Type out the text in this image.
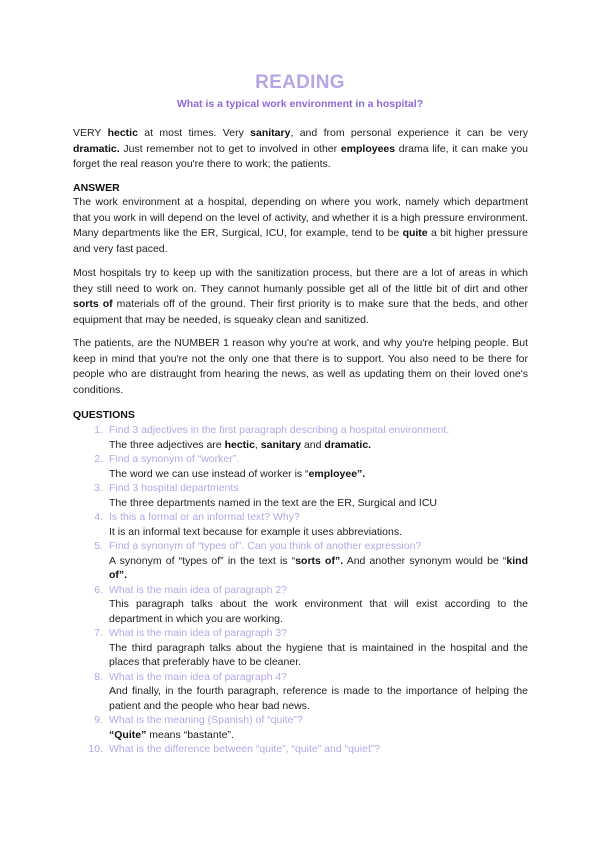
READING
What is a typical work environment in a hospital?
VERY hectic at most times. Very sanitary, and from personal experience it can be very dramatic. Just remember not to get to involved in other employees drama life, it can make you forget the real reason you're there to work; the patients.
ANSWER
The work environment at a hospital, depending on where you work, namely which department that you work in will depend on the level of activity, and whether it is a high pressure environment. Many departments like the ER, Surgical, ICU, for example, tend to be quite a bit higher pressure and very fast paced.
Most hospitals try to keep up with the sanitization process, but there are a lot of areas in which they still need to work on. They cannot humanly possible get all of the little bit of dirt and other sorts of materials off of the ground. Their first priority is to make sure that the beds, and other equipment that may be needed, is squeaky clean and sanitized.
The patients, are the NUMBER 1 reason why you're at work, and why you're helping people. But keep in mind that you're not the only one that there is to support. You also need to be there for people who are distraught from hearing the news, as well as updating them on their loved one's conditions.
QUESTIONS
1. Find 3 adjectives in the first paragraph describing a hospital environment.
The three adjectives are hectic, sanitary and dramatic.
2. Find a synonym of “worker”.
The word we can use instead of worker is “employee”.
3. Find 3 hospital departments
The three departments named in the text are the ER, Surgical and ICU
4. Is this a formal or an informal text? Why?
It is an informal text because for example it uses abbreviations.
5. Find a synonym of “types of”. Can you think of another expression?
A synonym of “types of” in the text is “sorts of”. And another synonym would be “kind of”.
6. What is the main idea of paragraph 2?
This paragraph talks about the work environment that will exist according to the department in which you are working.
7. What is the main idea of paragraph 3?
The third paragraph talks about the hygiene that is maintained in the hospital and the places that preferably have to be cleaner.
8. What is the main idea of paragraph 4?
And finally, in the fourth paragraph, reference is made to the importance of helping the patient and the people who hear bad news.
9. What is the meaning (Spanish) of “quite”?
“Quite” means “bastante”.
10. What is the difference between “quite”, “quite” and “quiet”?
